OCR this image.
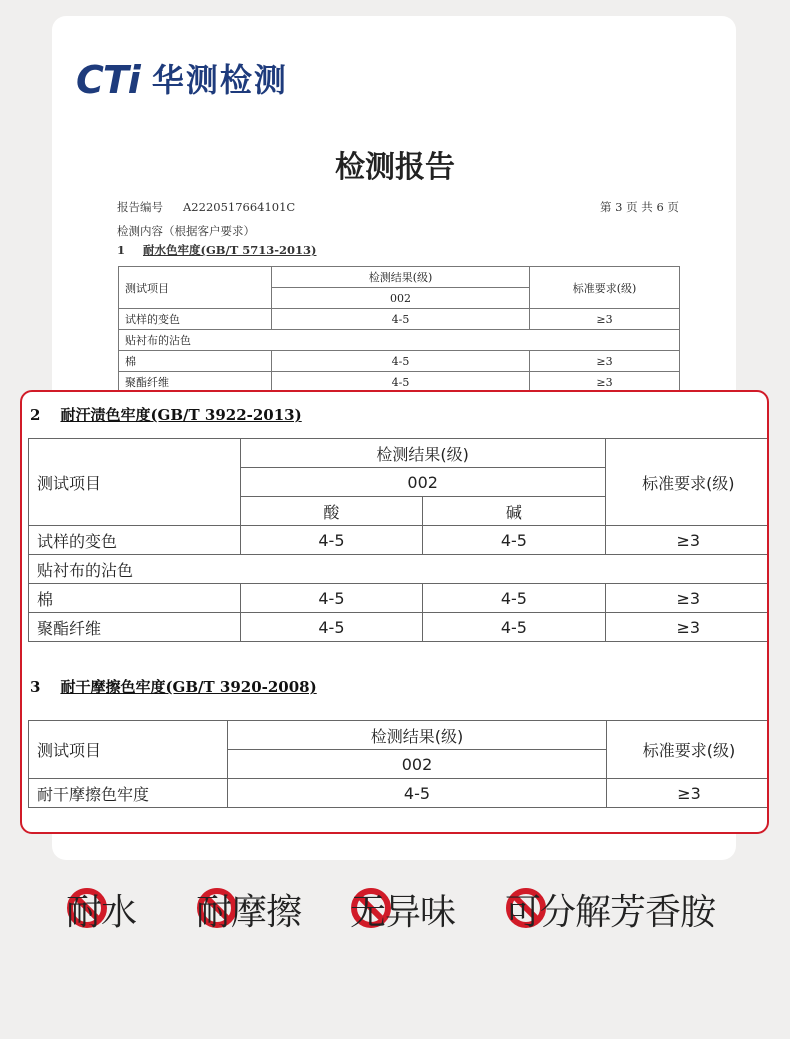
CTi 华测检测
检测报告
报告编号 A2220517664101C	第 3 页 共 6 页
检测内容（根据客户要求）
1 耐水色牢度(GB/T 5713-2013)
测试项目	检测结果(级)	标准要求(级)
	002	
试样的变色	4-5	≥3
贴衬布的沾色		
棉	4-5	≥3
聚酯纤维	4-5	≥3
2 耐汗渍色牢度(GB/T 3922-2013)
测试项目	检测结果(级)		标准要求(级)
	002		
	酸	碱	
试样的变色	4-5	4-5	≥3
贴衬布的沾色			
棉	4-5	4-5	≥3
聚酯纤维	4-5	4-5	≥3
3 耐干摩擦色牢度(GB/T 3920-2008)
测试项目	检测结果(级)	标准要求(级)
	002	
耐干摩擦色牢度	4-5	≥3
耐水 耐摩擦 无异味 可分解芳香胺
